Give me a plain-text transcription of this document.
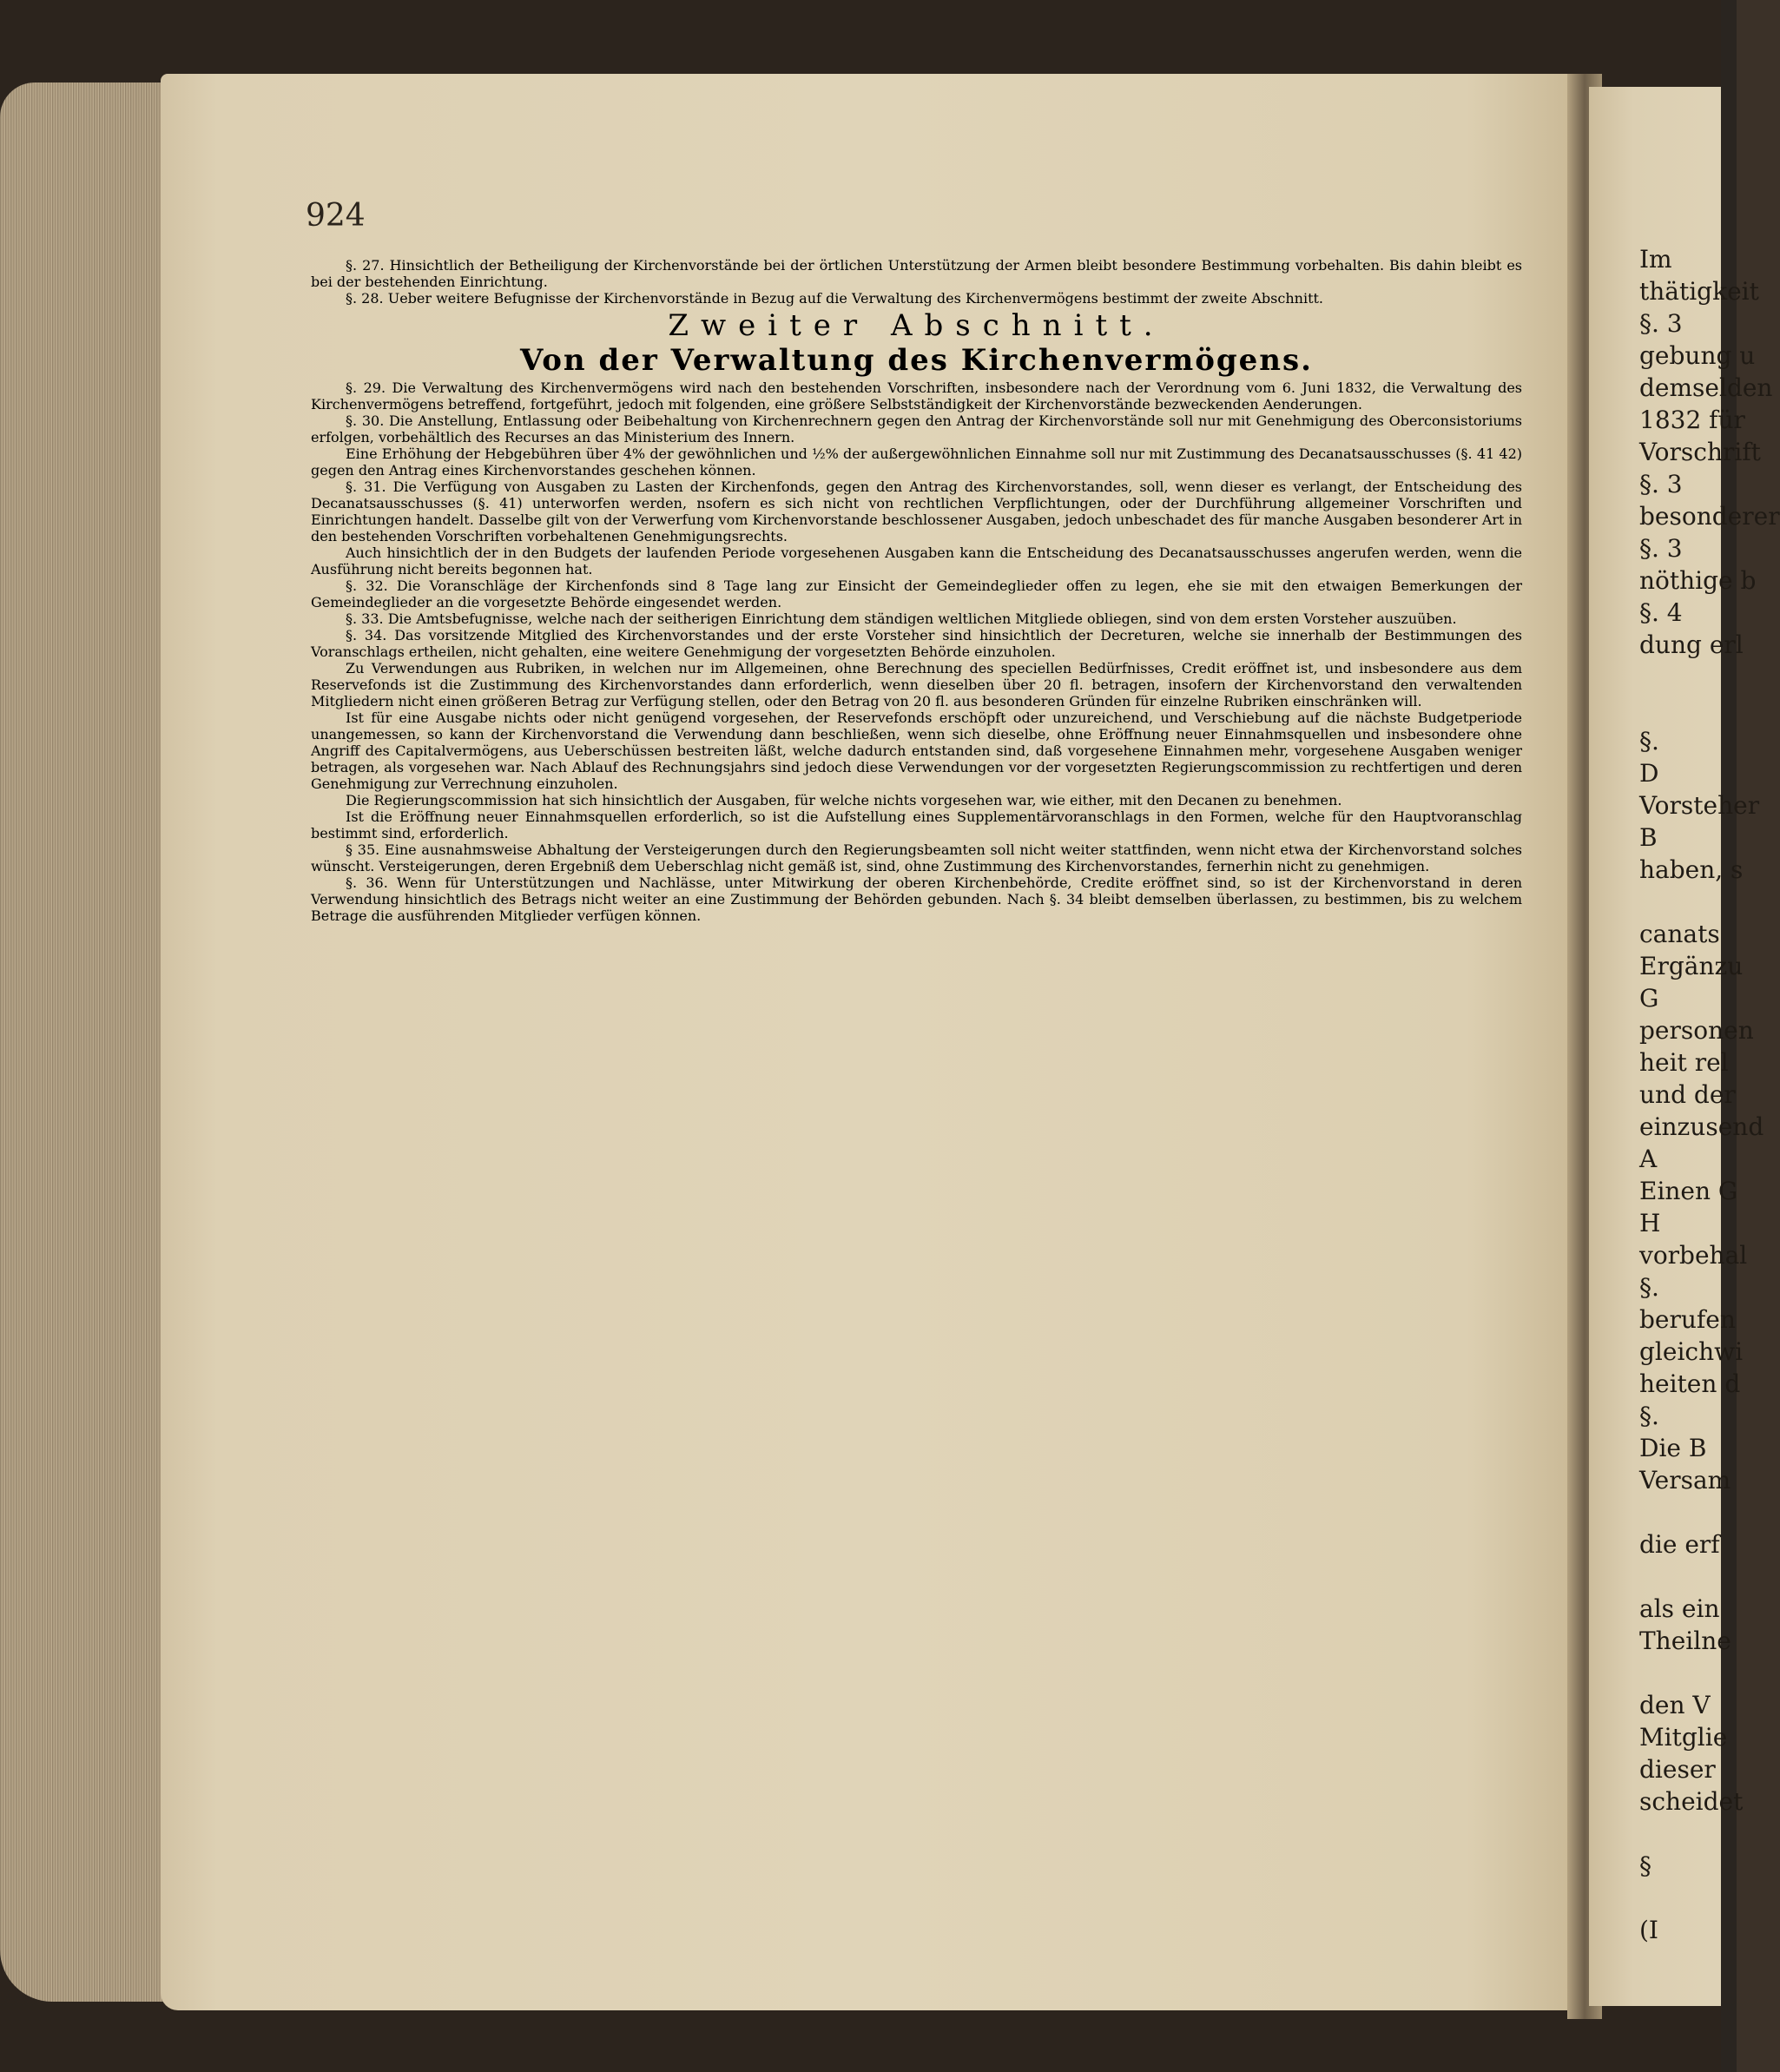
924

§. 27. Hinsichtlich der Betheiligung der Kirchenvorstände bei der örtlichen Unterstützung der Armen bleibt besondere Bestimmung vorbehalten. Bis dahin bleibt es bei der bestehenden Einrichtung.

§. 28. Ueber weitere Befugnisse der Kirchenvorstände in Bezug auf die Verwaltung des Kirchenvermögens bestimmt der zweite Abschnitt.

Zweiter Abschnitt.
Von der Verwaltung des Kirchenvermögens.

§. 29. Die Verwaltung des Kirchenvermögens wird nach den bestehenden Vorschriften, insbesondere nach der Verordnung vom 6. Juni 1832, die Verwaltung des Kirchenvermögens betreffend, fortgeführt, jedoch mit folgenden, eine größere Selbstständigkeit der Kirchenvorstände bezweckenden Aenderungen.

§. 30. Die Anstellung, Entlassung oder Beibehaltung von Kirchenrechnern gegen den Antrag der Kirchenvorstände soll nur mit Genehmigung des Oberconsistoriums erfolgen, vorbehältlich des Recurses an das Ministerium des Innern.

Eine Erhöhung der Hebgebühren über 4% der gewöhnlichen und ½% der außergewöhnlichen Einnahme soll nur mit Zustimmung des Decanatsausschusses (§. 41 42) gegen den Antrag eines Kirchenvorstandes geschehen können.

§. 31. Die Verfügung von Ausgaben zu Lasten der Kirchenfonds, gegen den Antrag des Kirchenvorstandes, soll, wenn dieser es verlangt, der Entscheidung des Decanatsausschusses (§. 41) unterworfen werden, nsofern es sich nicht von rechtlichen Verpflichtungen, oder der Durchführung allgemeiner Vorschriften und Einrichtungen handelt. Dasselbe gilt von der Verwerfung vom Kirchenvorstande beschlossener Ausgaben, jedoch unbeschadet des für manche Ausgaben besonderer Art in den bestehenden Vorschriften vorbehaltenen Genehmigungsrechts.

Auch hinsichtlich der in den Budgets der laufenden Periode vorgesehenen Ausgaben kann die Entscheidung des Decanatsausschusses angerufen werden, wenn die Ausführung nicht bereits begonnen hat.

§. 32. Die Voranschläge der Kirchenfonds sind 8 Tage lang zur Einsicht der Gemeindeglieder offen zu legen, ehe sie mit den etwaigen Bemerkungen der Gemeindeglieder an die vorgesetzte Behörde eingesendet werden.

§. 33. Die Amtsbefugnisse, welche nach der seitherigen Einrichtung dem ständigen weltlichen Mitgliede obliegen, sind von dem ersten Vorsteher auszuüben.

§. 34. Das vorsitzende Mitglied des Kirchenvorstandes und der erste Vorsteher sind hinsichtlich der Decreturen, welche sie innerhalb der Bestimmungen des Voranschlags ertheilen, nicht gehalten, eine weitere Genehmigung der vorgesetzten Behörde einzuholen.

Zu Verwendungen aus Rubriken, in welchen nur im Allgemeinen, ohne Berechnung des speciellen Bedürfnisses, Credit eröffnet ist, und insbesondere aus dem Reservefonds ist die Zustimmung des Kirchenvorstandes dann erforderlich, wenn dieselben über 20 fl. betragen, insofern der Kirchenvorstand den verwaltenden Mitgliedern nicht einen größeren Betrag zur Verfügung stellen, oder den Betrag von 20 fl. aus besonderen Gründen für einzelne Rubriken einschränken will.

Ist für eine Ausgabe nichts oder nicht genügend vorgesehen, der Reservefonds erschöpft oder unzureichend, und Verschiebung auf die nächste Budgetperiode unangemessen, so kann der Kirchenvorstand die Verwendung dann beschließen, wenn sich dieselbe, ohne Eröffnung neuer Einnahmsquellen und insbesondere ohne Angriff des Capitalvermögens, aus Ueberschüssen bestreiten läßt, welche dadurch entstanden sind, daß vorgesehene Einnahmen mehr, vorgesehene Ausgaben weniger betragen, als vorgesehen war. Nach Ablauf des Rechnungsjahrs sind jedoch diese Verwendungen vor der vorgesetzten Regierungscommission zu rechtfertigen und deren Genehmigung zur Verrechnung einzuholen.

Die Regierungscommission hat sich hinsichtlich der Ausgaben, für welche nichts vorgesehen war, wie either, mit den Decanen zu benehmen.

Ist die Eröffnung neuer Einnahmsquellen erforderlich, so ist die Aufstellung eines Supplementärvoranschlags in den Formen, welche für den Hauptvoranschlag bestimmt sind, erforderlich.

§ 35. Eine ausnahmsweise Abhaltung der Versteigerungen durch den Regierungsbeamten soll nicht weiter stattfinden, wenn nicht etwa der Kirchenvorstand solches wünscht. Versteigerungen, deren Ergebniß dem Ueberschlag nicht gemäß ist, sind, ohne Zustimmung des Kirchenvorstandes, fernerhin nicht zu genehmigen.

§. 36. Wenn für Unterstützungen und Nachlässe, unter Mitwirkung der oberen Kirchenbehörde, Credite eröffnet sind, so ist der Kirchenvorstand in deren Verwendung hinsichtlich des Betrags nicht weiter an eine Zustimmung der Behörden gebunden. Nach §. 34 bleibt demselben überlassen, zu bestimmen, bis zu welchem Betrage die ausführenden Mitglieder verfügen können.

Im
thätigkeit
§. 3
gebung u
demselden
1832 für
Vorschrift
§. 3
besonderer
§. 3
nöthige b
§. 4
dung erl
§.
D
Vorsteher
B
haben, s
canats
Ergänzu
G
personen
heit rel
und der
einzusend
A
Einen G
H
vorbehal
§.
berufen
gleichwi
heiten d
§.
Die B
Versam
die erf
als ein
Theilne
den V
Mitglie
dieser
scheidet
§
(I
